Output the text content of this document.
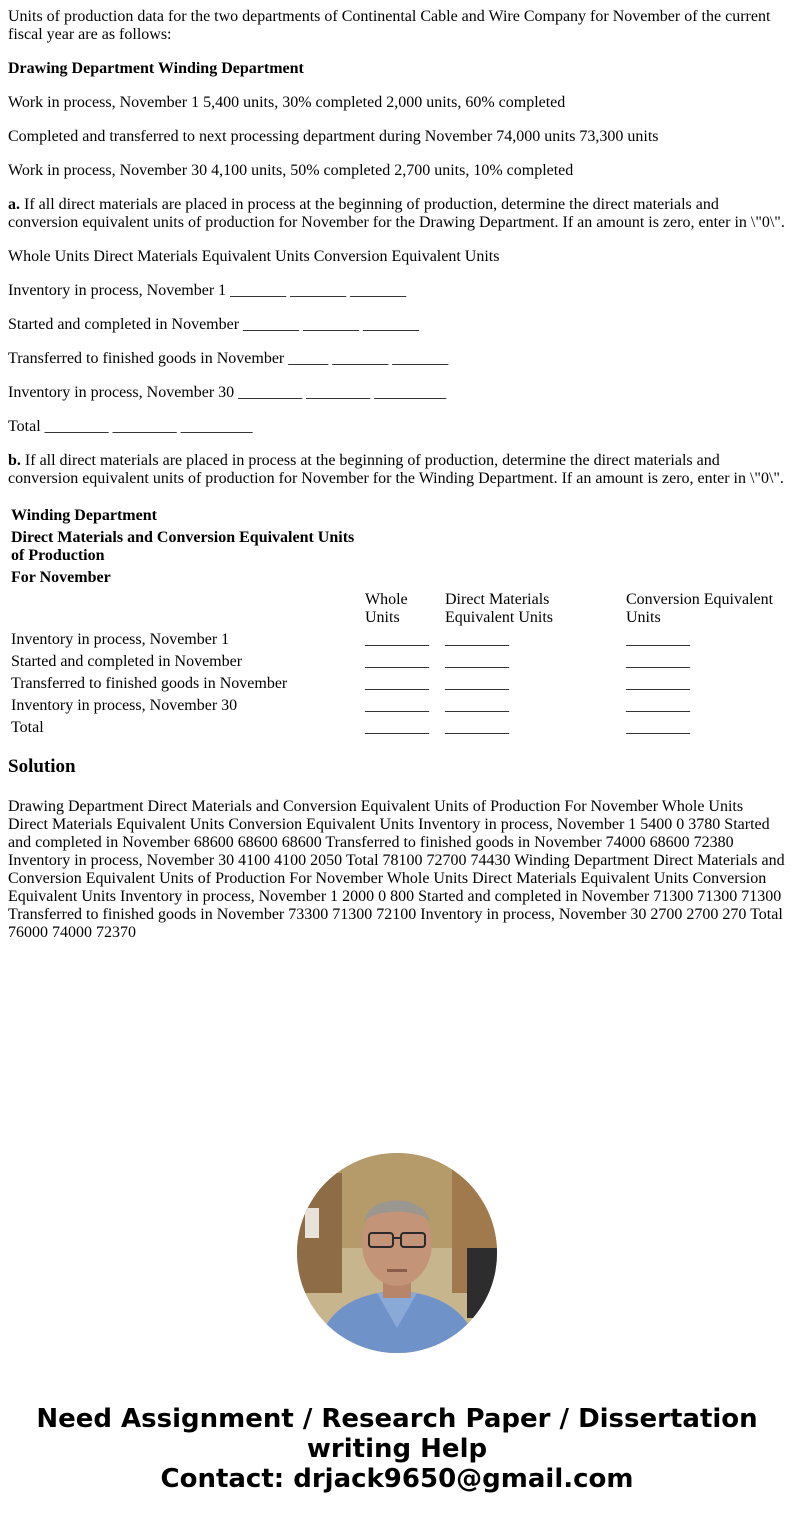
Units of production data for the two departments of Continental Cable and Wire Company for November of the current fiscal year are as follows:

Drawing Department Winding Department

Work in process, November 1 5,400 units, 30% completed 2,000 units, 60% completed

Completed and transferred to next processing department during November 74,000 units 73,300 units

Work in process, November 30 4,100 units, 50% completed 2,700 units, 10% completed

a. If all direct materials are placed in process at the beginning of production, determine the direct materials and conversion equivalent units of production for November for the Drawing Department. If an amount is zero, enter in \"0\".

Whole Units Direct Materials Equivalent Units Conversion Equivalent Units

Inventory in process, November 1 _______ _______ _______

Started and completed in November _______ _______ _______

Transferred to finished goods in November _____ _______ _______

Inventory in process, November 30 ________ ________ _________

Total ________ ________ _________

b. If all direct materials are placed in process at the beginning of production, determine the direct materials and conversion equivalent units of production for November for the Winding Department. If an amount is zero, enter in \"0\".

Winding Department			
Direct Materials and Conversion Equivalent Units of Production			
For November			
	Whole Units	Direct Materials Equivalent Units	Conversion Equivalent Units
Inventory in process, November 1	________	________	________
Started and completed in November	________	________	________
Transferred to finished goods in November	________	________	________
Inventory in process, November 30	________	________	________
Total	________	________	________
Solution

Drawing Department Direct Materials and Conversion Equivalent Units of Production For November Whole Units Direct Materials Equivalent Units Conversion Equivalent Units Inventory in process, November 1 5400 0 3780 Started and completed in November 68600 68600 68600 Transferred to finished goods in November 74000 68600 72380 Inventory in process, November 30 4100 4100 2050 Total 78100 72700 74430 Winding Department Direct Materials and Conversion Equivalent Units of Production For November Whole Units Direct Materials Equivalent Units Conversion Equivalent Units Inventory in process, November 1 2000 0 800 Started and completed in November 71300 71300 71300 Transferred to finished goods in November 73300 71300 72100 Inventory in process, November 30 2700 2700 270 Total 76000 74000 72370

Need Assignment / Research Paper / Dissertation
writing Help
Contact: drjack9650@gmail.com
